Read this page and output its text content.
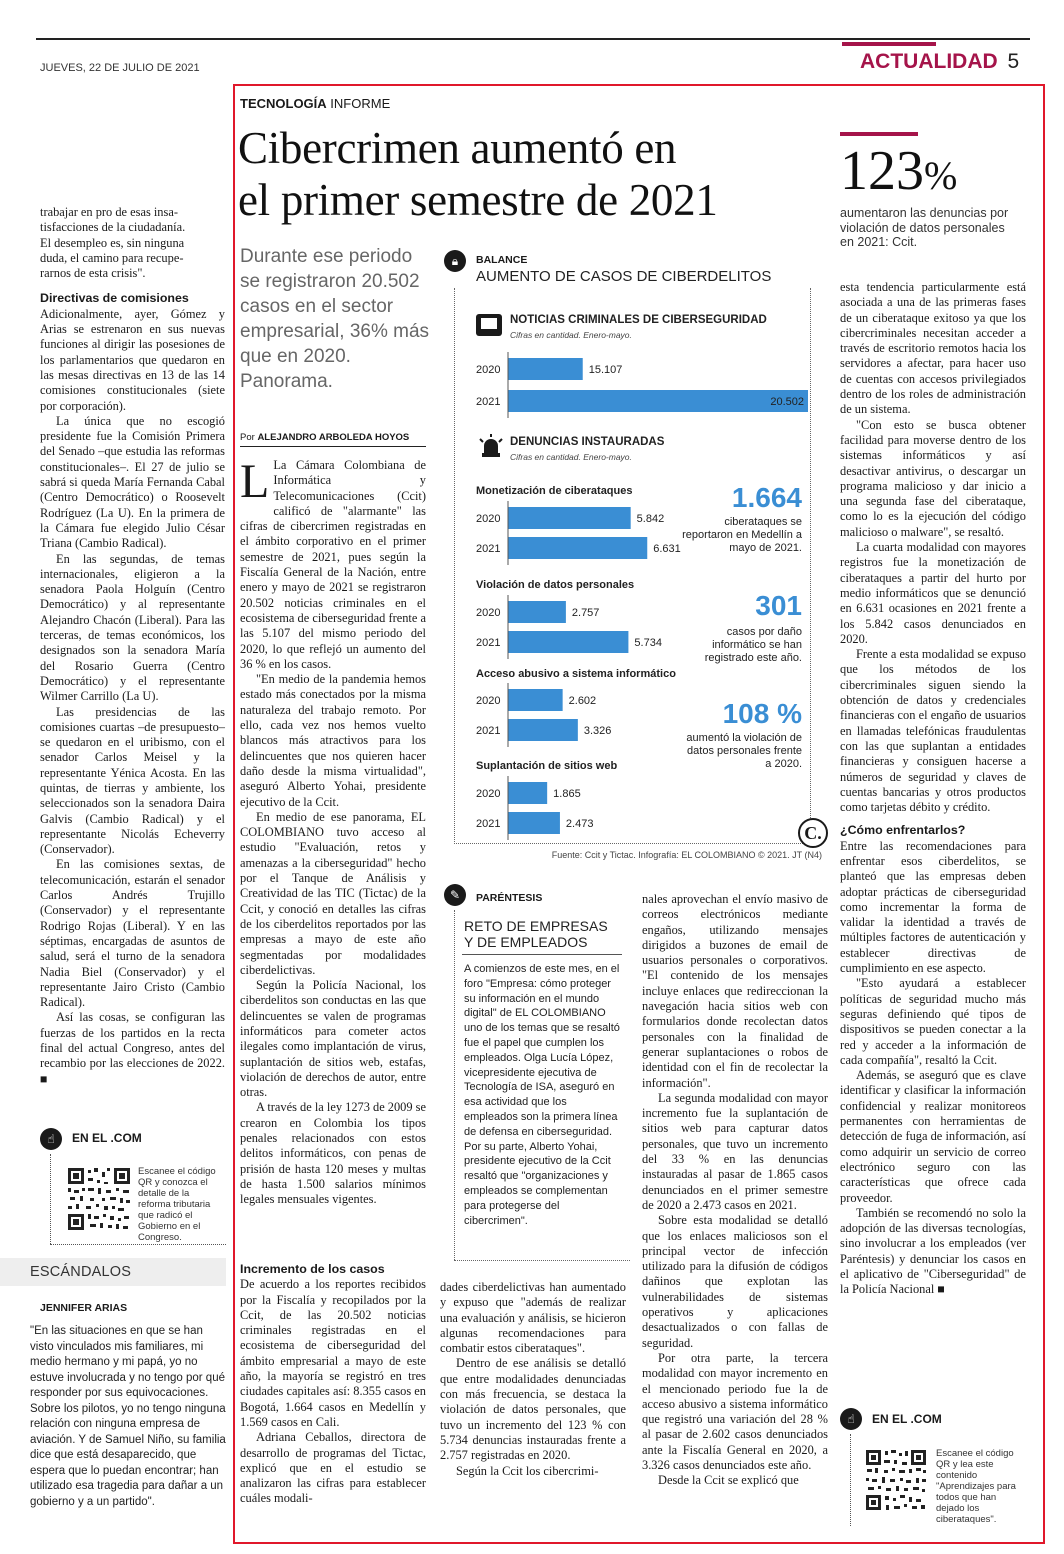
JUEVES, 22 DE JULIO DE 2021	ACTUALIDAD 5
trabajar en pro de esas insa-
tisfacciones de la ciudadanía.
El desempleo es, sin ninguna
duda, el camino para recupe-
rarnos de esta crisis".
Directivas de comisiones

Adicionalmente, ayer, Gómez y Arias se estrenaron en sus nuevas funciones al dirigir las posesiones de los parlamentarios que quedaron en las mesas directivas en 13 de las 14 comisiones constitucionales (siete por corporación).

La única que no escogió presidente fue la Comisión Primera del Senado –que estudia las reformas constitucionales–. El 27 de julio se sabrá si queda María Fernanda Cabal (Centro Democrático) o Roosevelt Rodríguez (La U). En la primera de la Cámara fue elegido Julio César Triana (Cambio Radical).

En las segundas, de temas internacionales, eligieron a la senadora Paola Holguín (Centro Democrático) y al representante Alejandro Chacón (Liberal). Para las terceras, de temas económicos, los designados son la senadora María del Rosario Guerra (Centro Democrático) y el representante Wilmer Carrillo (La U).

Las presidencias de las comisiones cuartas –de presupuesto– se quedaron en el uribismo, con el senador Carlos Meisel y la representante Yénica Acosta. En las quintas, de tierras y ambiente, los seleccionados son la senadora Daira Galvis (Cambio Radical) y el representante Nicolás Echeverry (Conservador).

En las comisiones sextas, de telecomunicación, estarán el senador Carlos Andrés Trujillo (Conservador) y el representante Rodrigo Rojas (Liberal). Y en las séptimas, encargadas de asuntos de salud, será el turno de la senadora Nadia Biel (Conservador) y el representante Jairo Cristo (Cambio Radical).

Así las cosas, se configuran las fuerzas de los partidos en la recta final del actual Congreso, antes del recambio por las elecciones de 2022. ■

☝	EN EL .COM
Escanee el código QR y conozca el detalle de la reforma tributaria que radicó el Gobierno en el Congreso.
ESCÁNDALOS
JENNIFER ARIAS
"En las situaciones en que se han visto vinculados mis familiares, mi medio hermano y mi papá, yo no estuve involucrada y no tengo por qué responder por sus equivocaciones. Sobre los pilotos, yo no tengo ninguna relación con ninguna empresa de aviación. Y de Samuel Niño, su familia dice que está desaparecido, que espera que lo puedan encontrar; han utilizado esa tragedia para dañar a un gobierno y a un partido".
TECNOLOGÍA INFORME
Cibercrimen aumentó en
el primer semestre de 2021	123%
aumentaron las denuncias por violación de datos personales en 2021: Ccit.
Durante ese periodo se registraron 20.502 casos en el sector empresarial, 36% más que en 2020. Panorama.
Por ALEJANDRO ARBOLEDA HOYOS

L La Cámara Colombiana de Informática y Telecomunicaciones (Ccit) calificó de "alarmante" las cifras de cibercrimen registradas en el ámbito corporativo en el primer semestre de 2021, pues según la Fiscalía General de la Nación, entre enero y mayo de 2021 se registraron 20.502 noticias criminales en el ecosistema de ciberseguridad frente a las 5.107 del mismo periodo del 2020, lo que reflejó un aumento del 36 % en los casos.

"En medio de la pandemia hemos estado más conectados por la misma naturaleza del trabajo remoto. Por ello, cada vez nos hemos vuelto blancos más atractivos para los delincuentes que nos quieren hacer daño desde la misma virtualidad", aseguró Alberto Yohai, presidente ejecutivo de la Ccit.

En medio de ese panorama, EL COLOMBIANO tuvo acceso al estudio "Evaluación, retos y amenazas a la ciberseguridad" hecho por el Tanque de Análisis y Creatividad de las TIC (Tictac) de la Ccit, y conoció en detalles las cifras de los ciberdelitos reportados por las empresas a mayo de este año segmentadas por modalidades ciberdelictivas.

Según la Policía Nacional, los ciberdelitos son conductas en las que delincuentes se valen de programas informáticos para cometer actos ilegales como implantación de virus, suplantación de sitios web, estafas, violación de derechos de autor, entre otras.

A través de la ley 1273 de 2009 se crearon en Colombia los tipos penales relacionados con estos delitos informáticos, con penas de prisión de hasta 120 meses y multas de hasta 1.500 salarios mínimos legales mensuales vigentes.

Incremento de los casos

De acuerdo a los reportes recibidos por la Fiscalía y recopilados por la Ccit, de las 20.502 noticias criminales registradas en el ecosistema de ciberseguridad del ámbito empresarial a mayo de este año, la mayoría se registró en tres ciudades capitales así: 8.355 casos en Bogotá, 1.664 casos en Medellín y 1.569 casos en Cali.

Adriana Ceballos, directora de desarrollo de programas del Tictac, explicó que en el estudio se analizaron las cifras para establecer cuáles modali-

🔒︎	BALANCE
AUMENTO DE CASOS DE CIBERDELITOS
NOTICIAS CRIMINALES DE CIBERSEGURIDAD
Cifras en cantidad. Enero-mayo.
2020	15.107
2021	20.502
Monetización de ciberataques
2020	5.842
2021	6.631
Violación de datos personales
2020	2.757
2021	5.734
Acceso abusivo a sistema informático
2020	2.602
2021	3.326
Suplantación de sitios web
2020	1.865
2021	2.473
DENUNCIAS INSTAURADAS
Cifras en cantidad. Enero-mayo.
1.664
ciberataques se reportaron en Medellín a mayo de 2021.
301
casos por daño informático se han registrado este año.
108 %
aumentó la violación de datos personales frente a 2020.
C.
Fuente: Ccit y Tictac. Infografía: EL COLOMBIANO © 2021. JT (N4)
✎	PARÉNTESIS
RETO DE EMPRESAS Y DE EMPLEADOS
A comienzos de este mes, en el foro "Empresa: cómo proteger su información en el mundo digital" de EL COLOMBIANO uno de los temas que se resaltó fue el papel que cumplen los empleados. Olga Lucía López, vicepresidente ejecutiva de Tecnología de ISA, aseguró en esa actividad que los empleados son la primera línea de defensa en ciberseguridad. Por su parte, Alberto Yohai, presidente ejecutivo de la Ccit resaltó que "organizaciones y empleados se complementan para protegerse del cibercrimen".

dades ciberdelictivas han aumentado y expuso que "además de realizar una evaluación y análisis, se hicieron algunas recomendaciones para combatir estos ciberataques".

Dentro de ese análisis se detalló que entre modalidades denunciadas con más frecuencia, se destaca la violación de datos personales, que tuvo un incremento del 123 % con 5.734 denuncias instauradas frente a 2.757 registradas en 2020.

Según la Ccit los cibercrimi-

nales aprovechan el envío masivo de correos electrónicos mediante engaños, utilizando mensajes dirigidos a buzones de email de usuarios personales o corporativos. "El contenido de los mensajes incluye enlaces que redireccionan la navegación hacia sitios web con formularios donde recolectan datos personales con la finalidad de generar suplantaciones o robos de identidad con el fin de recolectar la información".

La segunda modalidad con mayor incremento fue la suplantación de sitios web para capturar datos personales, que tuvo un incremento del 33 % en las denuncias instauradas al pasar de 1.865 casos denunciados en el primer semestre de 2020 a 2.473 casos en 2021.

Sobre esta modalidad se detalló que los enlaces maliciosos son el principal vector de infección utilizado para la difusión de códigos dañinos que explotan las vulnerabilidades de sistemas operativos y aplicaciones desactualizados o con fallas de seguridad.

Por otra parte, la tercera modalidad con mayor incremento en el mencionado periodo fue la de acceso abusivo a sistema informático que registró una variación del 28 % al pasar de 2.602 casos denunciados ante la Fiscalía General en 2020, a 3.326 casos denunciados este año.

Desde la Ccit se explicó que

esta tendencia particularmente está asociada a una de las primeras fases de un ciberataque exitoso ya que los cibercriminales necesitan acceder a través de escritorio remotos hacia los servidores a afectar, para hacer uso de cuentas con accesos privilegiados dentro de los roles de administración de un sistema.

"Con esto se busca obtener facilidad para moverse dentro de los sistemas informáticos y así desactivar antivirus, o descargar un programa malicioso y dar inicio a una segunda fase del ciberataque, como lo es la ejecución del código malicioso o malware", se resaltó.

La cuarta modalidad con mayores registros fue la monetización de ciberataques a partir del hurto por medio informáticos que se denunció en 6.631 ocasiones en 2021 frente a los 5.842 casos denunciados en 2020.

Frente a esta modalidad se expuso que los métodos de los cibercriminales siguen siendo la obtención de datos y credenciales financieras con el engaño de usuarios en llamadas telefónicas fraudulentas con las que suplantan a entidades financieras y consiguen hacerse a números de seguridad y claves de cuentas bancarias y otros productos como tarjetas débito y crédito.

¿Cómo enfrentarlos?

Entre las recomendaciones para enfrentar esos ciberdelitos, se planteó que las empresas deben adoptar prácticas de ciberseguridad como incrementar la forma de validar la identidad a través de múltiples factores de autenticación y establecer directivas de cumplimiento en ese aspecto.

"Esto ayudará a establecer políticas de seguridad mucho más seguras definiendo qué tipos de dispositivos se pueden conectar a la red y acceder a la información de cada compañía", resaltó la Ccit.

Además, se aseguró que es clave identificar y clasificar la información confidencial y realizar monitoreos permanentes con herramientas de detección de fuga de información, así como adquirir un servicio de correo electrónico seguro con las características que ofrece cada proveedor.

También se recomendó no solo la adopción de las diversas tecnologías, sino involucrar a los empleados (ver Paréntesis) y denunciar los casos en el aplicativo de "Ciberseguridad" de la Policía Nacional ■

☝	EN EL .COM
Escanee el código QR y lea este contenido "Aprendizajes para todos que han dejado los ciberataques".
